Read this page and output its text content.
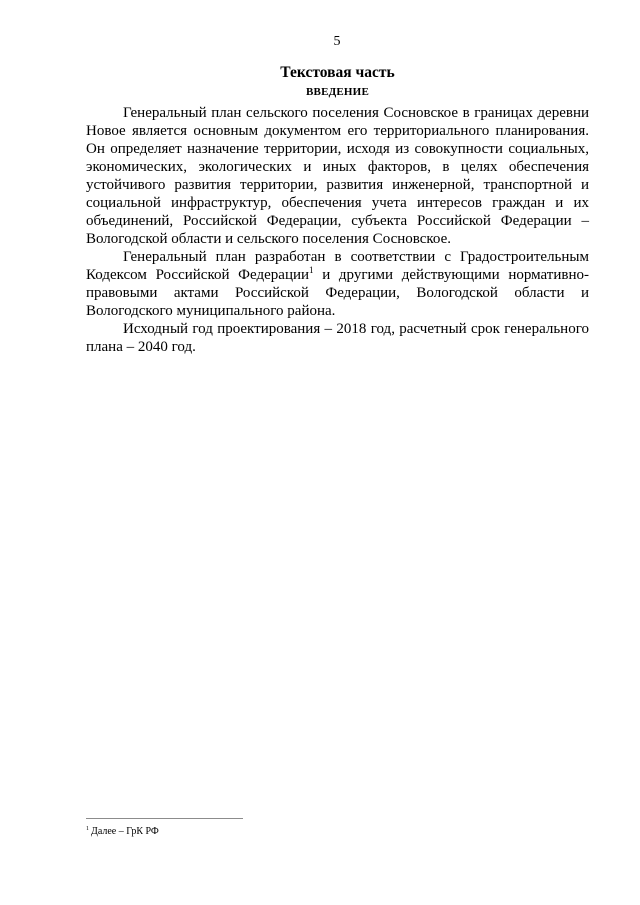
5
Текстовая часть
ВВЕДЕНИЕ

Генеральный план сельского поселения Сосновское в границах деревни Новое является основным документом его территориального планирования. Он определяет назначение территории, исходя из совокупности социальных, экономических, экологических и иных факторов, в целях обеспечения устойчивого развития территории, развития инженерной, транспортной и социальной инфраструктур, обеспечения учета интересов граждан и их объединений, Российской Федерации, субъекта Российской Федерации – Вологодской области и сельского поселения Сосновское.

Генеральный план разработан в соответствии с Градостроительным Кодексом Российской Федерации$^1$ и другими действующими нормативно-правовыми актами Российской Федерации, Вологодской области и Вологодского муниципального района.

Исходный год проектирования – 2018 год, расчетный срок генерального плана – 2040 год.

$^1$ Далее – ГрК РФ
